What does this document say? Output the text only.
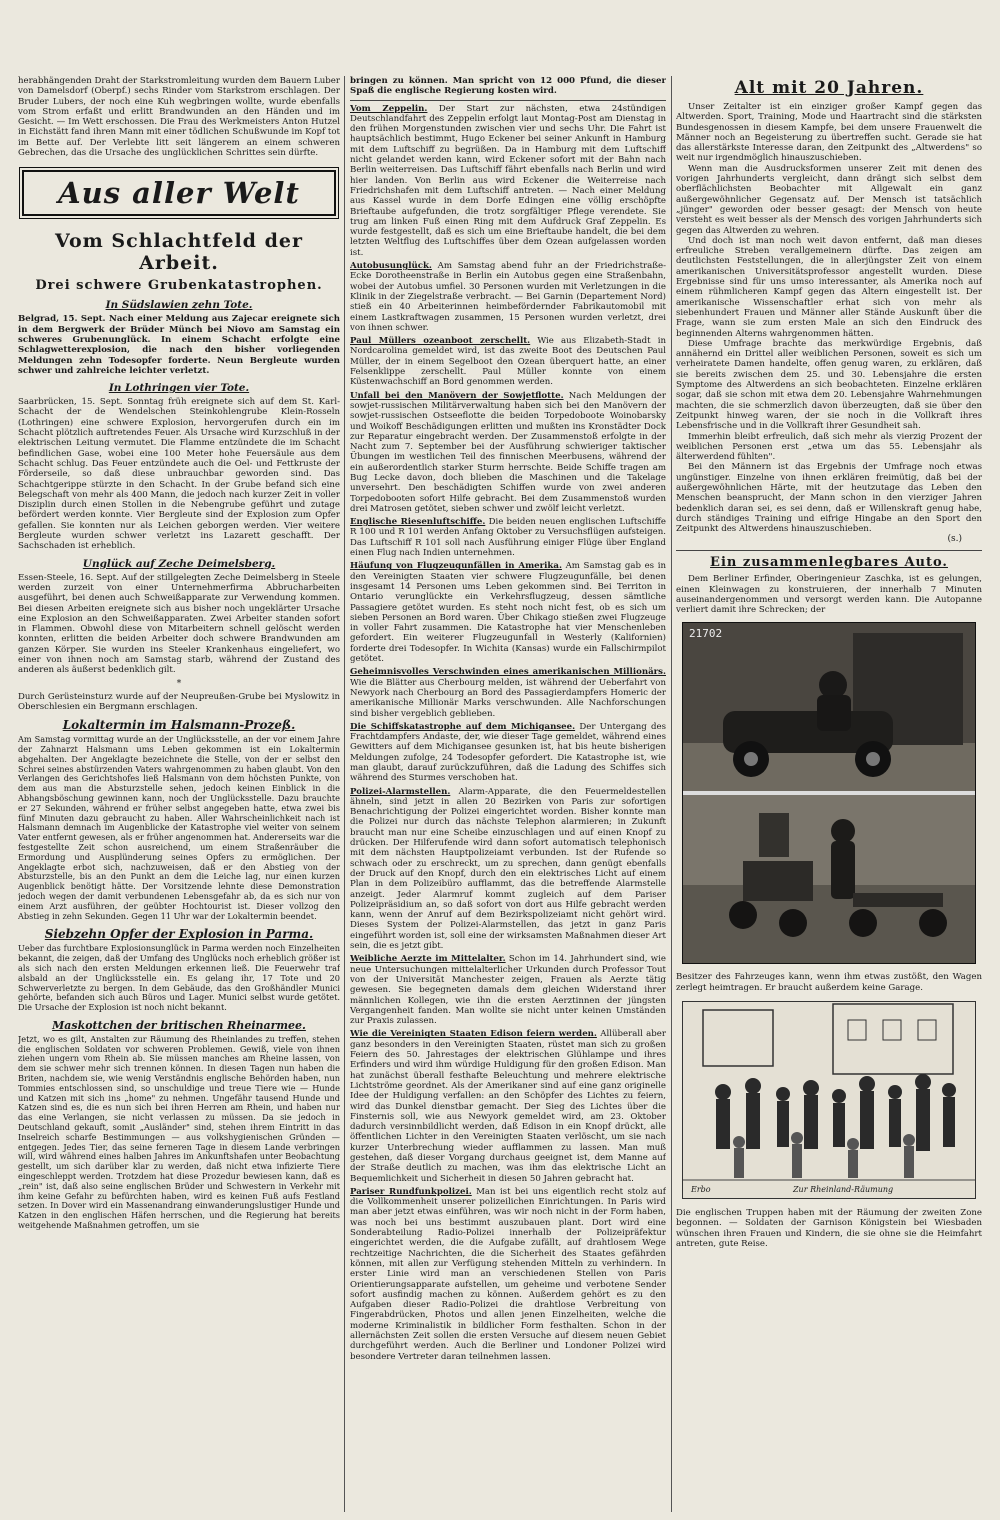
herabhängenden Draht der Starkstromleitung wurden dem Bauern Luber von Damelsdorf (Oberpf.) sechs Rinder vom Starkstrom erschlagen. Der Bruder Lubers, der noch eine Kuh wegbringen wollte, wurde ebenfalls vom Strom erfaßt und erlitt Brandwunden an den Händen und im Gesicht. — Im Wett erschossen. Die Frau des Werkmeisters Anton Hutzel in Eichstätt fand ihren Mann mit einer tödlichen Schußwunde im Kopf tot im Bette auf. Der Verlebte litt seit längerem an einem schweren Gebrechen, das die Ursache des unglücklichen Schrittes sein dürfte.

Aus aller Welt
Vom Schlachtfeld der Arbeit.
Drei schwere Grubenkatastrophen.
In Südslawien zehn Tote.

Belgrad, 15. Sept. Nach einer Meldung aus Zajecar ereignete sich in dem Bergwerk der Brüder Münch bei Niovo am Samstag ein schweres Grubenunglück. In einem Schacht erfolgte eine Schlagwetterexplosion, die nach den bisher vorliegenden Meldungen zehn Todesopfer forderte. Neun Bergleute wurden schwer und zahlreiche leichter verletzt.

In Lothringen vier Tote.

Saarbrücken, 15. Sept. Sonntag früh ereignete sich auf dem St. Karl-Schacht der de Wendelschen Steinkohlengrube Klein-Rosseln (Lothringen) eine schwere Explosion, hervorgerufen durch ein im Schacht plötzlich auftretendes Feuer. Als Ursache wird Kurzschluß in der elektrischen Leitung vermutet. Die Flamme entzündete die im Schacht befindlichen Gase, wobei eine 100 Meter hohe Feuersäule aus dem Schacht schlug. Das Feuer entzündete auch die Oel- und Fettkruste der Förderseile, so daß diese unbrauchbar geworden sind. Das Schachtgerippe stürzte in den Schacht. In der Grube befand sich eine Belegschaft von mehr als 400 Mann, die jedoch nach kurzer Zeit in voller Disziplin durch einen Stollen in die Nebengrube geführt und zutage befördert werden konnte. Vier Bergleute sind der Explosion zum Opfer gefallen. Sie konnten nur als Leichen geborgen werden. Vier weitere Bergleute wurden schwer verletzt ins Lazarett geschafft. Der Sachschaden ist erheblich.

Unglück auf Zeche Deimelsberg.

Essen-Steele, 16. Sept. Auf der stillgelegten Zeche Deimelsberg in Steele werden zurzeit von einer Unternehmerfirma Abbrucharbeiten ausgeführt, bei denen auch Schweißapparate zur Verwendung kommen. Bei diesen Arbeiten ereignete sich aus bisher noch ungeklärter Ursache eine Explosion an den Schweißapparaten. Zwei Arbeiter standen sofort in Flammen. Obwohl diese von Mitarbeitern schnell gelöscht werden konnten, erlitten die beiden Arbeiter doch schwere Brandwunden am ganzen Körper. Sie wurden ins Steeler Krankenhaus eingeliefert, wo einer von ihnen noch am Samstag starb, während der Zustand des anderen als äußerst bedenklich gilt.

*

Durch Gerüsteinsturz wurde auf der Neupreußen-Grube bei Myslowitz in Oberschlesien ein Bergmann erschlagen.

Lokaltermin im Halsmann-Prozeß.

Am Samstag vormittag wurde an der Unglücksstelle, an der vor einem Jahre der Zahnarzt Halsmann ums Leben gekommen ist ein Lokaltermin abgehalten. Der Angeklagte bezeichnete die Stelle, von der er selbst den Schrei seines abstürzenden Vaters wahrgenommen zu haben glaubt. Von den Verlangen des Gerichtshofes ließ Halsmann von dem höchsten Punkte, von dem aus man die Absturzstelle sehen, jedoch keinen Einblick in die Abhangsböschung gewinnen kann, noch der Unglücksstelle. Dazu brauchte er 27 Sekunden, während er früher selbst angegeben hatte, etwa zwei bis fünf Minuten dazu gebraucht zu haben. Aller Wahrscheinlichkeit nach ist Halsmann demnach im Augenblicke der Katastrophe viel weiter von seinem Vater entfernt gewesen, als er früher angenommen hat. Andererseits war die festgestellte Zeit schon ausreichend, um einem Straßenräuber die Ermordung und Ausplünderung seines Opfers zu ermöglichen. Der Angeklagte erbot sich, nachzuweisen, daß er den Abstieg von der Absturzstelle, bis an den Punkt an dem die Leiche lag, nur einen kurzen Augenblick benötigt hätte. Der Vorsitzende lehnte diese Demonstration jedoch wegen der damit verbundenen Lebensgefahr ab, da es sich nur von einem Arzt ausführen, der geübter Hochtourist ist. Dieser vollzog den Abstieg in zehn Sekunden. Gegen 11 Uhr war der Lokaltermin beendet.

Siebzehn Opfer der Explosion in Parma.

Ueber das furchtbare Explosionsunglück in Parma werden noch Einzelheiten bekannt, die zeigen, daß der Umfang des Unglücks noch erheblich größer ist als sich nach den ersten Meldungen erkennen ließ. Die Feuerwehr traf alsbald an der Unglücksstelle ein. Es gelang ihr, 17 Tote und 20 Schwerverletzte zu bergen. In dem Gebäude, das den Großhändler Munici gehörte, befanden sich auch Büros und Lager. Munici selbst wurde getötet. Die Ursache der Explosion ist noch nicht bekannt.

Maskottchen der britischen Rheinarmee.

Jetzt, wo es gilt, Anstalten zur Räumung des Rheinlandes zu treffen, stehen die englischen Soldaten vor schweren Problemen. Gewiß, viele von ihnen ziehen ungern vom Rhein ab. Sie müssen manches am Rheine lassen, von dem sie schwer mehr sich trennen können. In diesen Tagen nun haben die Briten, nachdem sie, wie wenig Verständnis englische Behörden haben, nun Tommies entschlossen sind, so unschuldige und treue Tiere wie — Hunde und Katzen mit sich ins „home" zu nehmen. Ungefähr tausend Hunde und Katzen sind es, die es nun sich bei ihren Herren am Rhein, und haben nur das eine Verlangen, sie nicht verlassen zu müssen. Da sie jedoch in Deutschland gekauft, somit „Ausländer" sind, stehen ihrem Eintritt in das Inselreich scharfe Bestimmungen — aus volkshygienischen Gründen — entgegen. Jedes Tier, das seine ferneren Tage in diesem Lande verbringen will, wird während eines halben Jahres im Ankunftshafen unter Beobachtung gestellt, um sich darüber klar zu werden, daß nicht etwa infizierte Tiere eingeschleppt werden. Trotzdem hat diese Prozedur bewiesen kann, daß es „rein" ist, daß also seine englischen Brüder und Schwestern in Verkehr mit ihm keine Gefahr zu befürchten haben, wird es keinen Fuß aufs Festland setzen. In Dover wird ein Massenandrang einwanderungslustiger Hunde und Katzen in den englischen Häfen herrschen, und die Regierung hat bereits weitgehende Maßnahmen getroffen, um sie

bringen zu können. Man spricht von 12 000 Pfund, die dieser Spaß die englische Regierung kosten wird.

Vom Zeppelin. Der Start zur nächsten, etwa 24stündigen Deutschlandfahrt des Zeppelin erfolgt laut Montag-Post am Dienstag in den frühen Morgenstunden zwischen vier und sechs Uhr. Die Fahrt ist hauptsächlich bestimmt, Hugo Eckener bei seiner Ankunft in Hamburg mit dem Luftschiff zu begrüßen. Da in Hamburg mit dem Luftschiff nicht gelandet werden kann, wird Eckener sofort mit der Bahn nach Berlin weiterreisen. Das Luftschiff fährt ebenfalls nach Berlin und wird hier landen. Von Berlin aus wird Eckener die Weiterreise nach Friedrichshafen mit dem Luftschiff antreten. — Nach einer Meldung aus Kassel wurde in dem Dorfe Edingen eine völlig erschöpfte Brieftaube aufgefunden, die trotz sorgfältiger Pflege verendete. Sie trug am linken Fuß einen Ring mit dem Aufdruck Graf Zeppelin. Es wurde festgestellt, daß es sich um eine Brieftaube handelt, die bei dem letzten Weltflug des Luftschiffes über dem Ozean aufgelassen worden ist.

Autobusunglück. Am Samstag abend fuhr an der Friedrichstraße-Ecke Dorotheenstraße in Berlin ein Autobus gegen eine Straßenbahn, wobei der Autobus umfiel. 30 Personen wurden mit Verletzungen in die Klinik in der Ziegelstraße verbracht. — Bei Garnin (Departement Nord) stieß ein 40 Arbeiterinnen heimbefördernder Fabrikautomobil mit einem Lastkraftwagen zusammen, 15 Personen wurden verletzt, drei von ihnen schwer.

Paul Müllers ozeanboot zerschellt. Wie aus Elizabeth-Stadt in Nordcarolina gemeldet wird, ist das zweite Boot des Deutschen Paul Müller, der in einem Segelboot den Ozean überquert hatte, an einer Felsenklippe zerschellt. Paul Müller konnte von einem Küstenwachschiff an Bord genommen werden.

Unfall bei den Manövern der Sowjetflotte. Nach Meldungen der sowjet-russischen Militärverwaltung haben sich bei den Manövern der sowjet-russischen Ostseeflotte die beiden Torpedoboote Woinobarsky und Woikoff Beschädigungen erlitten und mußten ins Kronstädter Dock zur Reparatur eingebracht werden. Der Zusammenstoß erfolgte in der Nacht zum 7. September bei der Ausführung schwieriger taktischer Übungen im westlichen Teil des finnischen Meerbusens, während der ein außerordentlich starker Sturm herrschte. Beide Schiffe tragen am Bug Lecke davon, doch blieben die Maschinen und die Takelage unversehrt. Den beschädigten Schiffen wurde von zwei anderen Torpedobooten sofort Hilfe gebracht. Bei dem Zusammenstoß wurden drei Matrosen getötet, sieben schwer und zwölf leicht verletzt.

Englische Riesenluftschiffe. Die beiden neuen englischen Luftschiffe R 100 und R 101 werden Anfang Oktober zu Versuchsflügen aufsteigen. Das Luftschiff R 101 soll nach Ausführung einiger Flüge über England einen Flug nach Indien unternehmen.

Häufung von Flugzeugunfällen in Amerika. Am Samstag gab es in den Vereinigten Staaten vier schwere Flugzeugunfälle, bei denen insgesamt 14 Personen ums Leben gekommen sind. Bei Territon in Ontario verunglückte ein Verkehrsflugzeug, dessen sämtliche Passagiere getötet wurden. Es steht noch nicht fest, ob es sich um sieben Personen an Bord waren. Über Chikago stießen zwei Flugzeuge in voller Fahrt zusammen. Die Katastrophe hat vier Menschenleben gefordert. Ein weiterer Flugzeugunfall in Westerly (Kalifornien) forderte drei Todesopfer. In Wichita (Kansas) wurde ein Fallschirmpilot getötet.

Geheimnisvolles Verschwinden eines amerikanischen Millionärs. Wie die Blätter aus Cherbourg melden, ist während der Ueberfahrt von Newyork nach Cherbourg an Bord des Passagierdampfers Homeric der amerikanische Millionär Marks verschwunden. Alle Nachforschungen sind bisher vergeblich geblieben.

Die Schiffskatastrophe auf dem Michigansee. Der Untergang des Frachtdampfers Andaste, der, wie dieser Tage gemeldet, während eines Gewitters auf dem Michigansee gesunken ist, hat bis heute bisherigen Meldungen zufolge, 24 Todesopfer gefordert. Die Katastrophe ist, wie man glaubt, darauf zurückzuführen, daß die Ladung des Schiffes sich während des Sturmes verschoben hat.

Polizei-Alarmstellen. Alarm-Apparate, die den Feuermeldestellen ähneln, sind jetzt in allen 20 Bezirken von Paris zur sofortigen Benachrichtigung der Polizei eingerichtet worden. Bisher konnte man die Polizei nur durch das nächste Telephon alarmieren; in Zukunft braucht man nur eine Scheibe einzuschlagen und auf einen Knopf zu drücken. Der Hilferufende wird dann sofort automatisch telephonisch mit dem nächsten Hauptpolizeiamt verbunden. Ist der Rufende so schwach oder zu erschreckt, um zu sprechen, dann genügt ebenfalls der Druck auf den Knopf, durch den ein elektrisches Licht auf einem Plan in dem Polizeibüro aufflammt, das die betreffende Alarmstelle anzeigt. Jeder Alarmruf kommt zugleich auf dem Pariser Polizeipräsidium an, so daß sofort von dort aus Hilfe gebracht werden kann, wenn der Anruf auf dem Bezirkspolizeiamt nicht gehört wird. Dieses System der Polizei-Alarmstellen, das jetzt in ganz Paris eingeführt worden ist, soll eine der wirksamsten Maßnahmen dieser Art sein, die es jetzt gibt.

Weibliche Aerzte im Mittelalter. Schon im 14. Jahrhundert sind, wie neue Untersuchungen mittelalterlicher Urkunden durch Professor Tout von der Universität Manchester zeigen, Frauen als Aerzte tätig gewesen. Sie begegneten damals dem gleichen Widerstand ihrer männlichen Kollegen, wie ihn die ersten Aerztinnen der jüngsten Vergangenheit fanden. Man wollte sie nicht unter keinen Umständen zur Praxis zulassen.

Wie die Vereinigten Staaten Edison feiern werden. Allüberall aber ganz besonders in den Vereinigten Staaten, rüstet man sich zu großen Feiern des 50. Jahrestages der elektrischen Glühlampe und ihres Erfinders und wird ihm würdige Huldigung für den großen Edison. Man hat zunächst überall festhafte Beleuchtung und mehrere elektrische Lichtströme geordnet. Als der Amerikaner sind auf eine ganz originelle Idee der Huldigung verfallen: an den Schöpfer des Lichtes zu feiern, wird das Dunkel dienstbar gemacht. Der Sieg des Lichtes über die Finsternis soll, wie aus Newyork gemeldet wird, am 23. Oktober dadurch versinnbildlicht werden, daß Edison in ein Knopf drückt, alle öffentlichen Lichter in den Vereinigten Staaten verlöscht, um sie nach kurzer Unterbrechung wieder aufflammen zu lassen. Man muß gestehen, daß dieser Vorgang durchaus geeignet ist, dem Manne auf der Straße deutlich zu machen, was ihm das elektrische Licht an Bequemlichkeit und Sicherheit in diesen 50 Jahren gebracht hat.

Pariser Rundfunkpolizei. Man ist bei uns eigentlich recht stolz auf die Vollkommenheit unserer polizeilichen Einrichtungen. In Paris wird man aber jetzt etwas einführen, was wir noch nicht in der Form haben, was noch bei uns bestimmt auszubauen plant. Dort wird eine Sonderabteilung Radio-Polizei innerhalb der Polizeipräfektur eingerichtet werden, die die Aufgabe zufällt, auf drahtlosem Wege rechtzeitige Nachrichten, die die Sicherheit des Staates gefährden können, mit allen zur Verfügung stehenden Mitteln zu verhindern. In erster Linie wird man an verschiedenen Stellen von Paris Orientierungsapparate aufstellen, um geheime und verbotene Sender sofort ausfindig machen zu können. Außerdem gehört es zu den Aufgaben dieser Radio-Polizei die drahtlose Verbreitung von Fingerabdrücken, Photos und allen jenen Einzelheiten, welche die moderne Kriminalistik in bildlicher Form festhalten. Schon in der allernächsten Zeit sollen die ersten Versuche auf diesem neuen Gebiet durchgeführt werden. Auch die Berliner und Londoner Polizei wird besondere Vertreter daran teilnehmen lassen.

Alt mit 20 Jahren.

Unser Zeitalter ist ein einziger großer Kampf gegen das Altwerden. Sport, Training, Mode und Haartracht sind die stärksten Bundesgenossen in diesem Kampfe, bei dem unsere Frauenwelt die Männer noch an Begeisterung zu übertreffen sucht. Gerade sie hat das allerstärkste Interesse daran, den Zeitpunkt des „Altwerdens" so weit nur irgendmöglich hinauszuschieben.

Wenn man die Ausdrucksformen unserer Zeit mit denen des vorigen Jahrhunderts vergleicht, dann drängt sich selbst dem oberflächlichsten Beobachter mit Allgewalt ein ganz außergewöhnlicher Gegensatz auf. Der Mensch ist tatsächlich „jünger" geworden oder besser gesagt: der Mensch von heute versteht es weit besser als der Mensch des vorigen Jahrhunderts sich gegen das Altwerden zu wehren.

Und doch ist man noch weit davon entfernt, daß man dieses erfreuliche Streben verallgemeinern dürfte. Das zeigen am deutlichsten Feststellungen, die in allerjüngster Zeit von einem amerikanischen Universitätsprofessor angestellt wurden. Diese Ergebnisse sind für uns umso interessanter, als Amerika noch auf einem rühmlicheren Kampf gegen das Altern eingestellt ist. Der amerikanische Wissenschaftler erhat sich von mehr als siebenhundert Frauen und Männer aller Stände Auskunft über die Frage, wann sie zum ersten Male an sich den Eindruck des beginnenden Alterns wahrgenommen hätten.

Diese Umfrage brachte das merkwürdige Ergebnis, daß annähernd ein Drittel aller weiblichen Personen, soweit es sich um verheiratete Damen handelte, offen genug waren, zu erklären, daß sie bereits zwischen dem 25. und 30. Lebensjahre die ersten Symptome des Altwerdens an sich beobachteten. Einzelne erklären sogar, daß sie schon mit etwa dem 20. Lebensjahre Wahrnehmungen machten, die sie schmerzlich davon überzeugten, daß sie über den Zeitpunkt hinweg waren, der sie noch in die Vollkraft ihres Lebensfrische und in die Vollkraft ihrer Gesundheit sah.

Immerhin bleibt erfreulich, daß sich mehr als vierzig Prozent der weiblichen Personen erst „etwa um das 55. Lebensjahr als älterwerdend fühlten".

Bei den Männern ist das Ergebnis der Umfrage noch etwas ungünstiger. Einzelne von ihnen erklären freimütig, daß bei der außergewöhnlichen Härte, mit der heutzutage das Leben den Menschen beansprucht, der Mann schon in den vierziger Jahren bedenklich daran sei, es sei denn, daß er Willenskraft genug habe, durch ständiges Training und eifrige Hingabe an den Sport den Zeitpunkt des Altwerdens hinauszuschieben.

(s.)
Ein zusammenlegbares Auto.

Dem Berliner Erfinder, Oberingenieur Zaschka, ist es gelungen, einen Kleinwagen zu konstruieren, der innerhalb 7 Minuten auseinandergenommen und versorgt werden kann. Die Autopanne verliert damit ihre Schrecken; der

21702

Besitzer des Fahrzeuges kann, wenn ihm etwas zustößt, den Wagen zerlegt heimtragen. Er braucht außerdem keine Garage.

Zur Rheinland-Räumung
Erbo

Die englischen Truppen haben mit der Räumung der zweiten Zone begonnen. — Soldaten der Garnison Königstein bei Wiesbaden wünschen ihren Frauen und Kindern, die sie ohne sie die Heimfahrt antreten, gute Reise.
